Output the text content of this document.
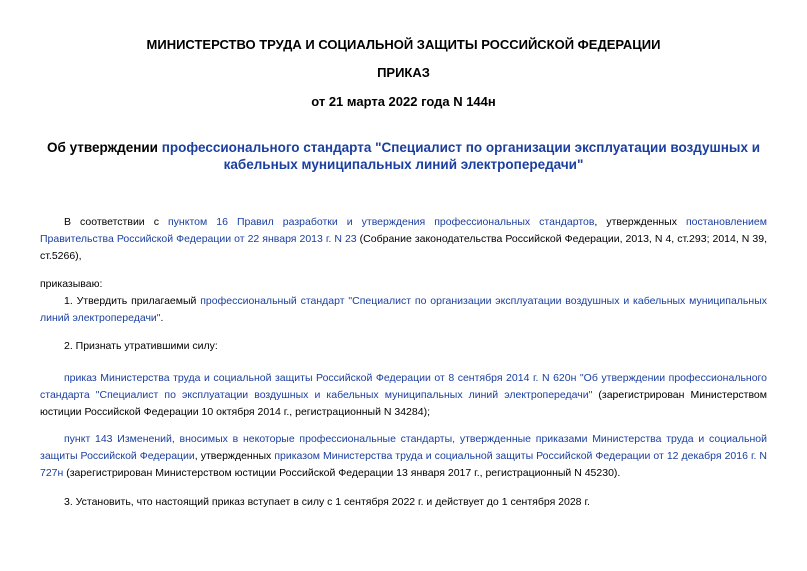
МИНИСТЕРСТВО ТРУДА И СОЦИАЛЬНОЙ ЗАЩИТЫ РОССИЙСКОЙ ФЕДЕРАЦИИ
ПРИКАЗ
от 21 марта 2022 года N 144н
Об утверждении профессионального стандарта "Специалист по организации эксплуатации воздушных и кабельных муниципальных линий электропередачи"
В соответствии с пунктом 16 Правил разработки и утверждения профессиональных стандартов, утвержденных постановлением Правительства Российской Федерации от 22 января 2013 г. N 23 (Собрание законодательства Российской Федерации, 2013, N 4, ст.293; 2014, N 39, ст.5266),
приказываю:
1. Утвердить прилагаемый профессиональный стандарт "Специалист по организации эксплуатации воздушных и кабельных муниципальных линий электропередачи".
2. Признать утратившими силу:
приказ Министерства труда и социальной защиты Российской Федерации от 8 сентября 2014 г. N 620н "Об утверждении профессионального стандарта "Специалист по эксплуатации воздушных и кабельных муниципальных линий электропередачи" (зарегистрирован Министерством юстиции Российской Федерации 10 октября 2014 г., регистрационный N 34284);
пункт 143 Изменений, вносимых в некоторые профессиональные стандарты, утвержденные приказами Министерства труда и социальной защиты Российской Федерации, утвержденных приказом Министерства труда и социальной защиты Российской Федерации от 12 декабря 2016 г. N 727н (зарегистрирован Министерством юстиции Российской Федерации 13 января 2017 г., регистрационный N 45230).
3. Установить, что настоящий приказ вступает в силу с 1 сентября 2022 г. и действует до 1 сентября 2028 г.
